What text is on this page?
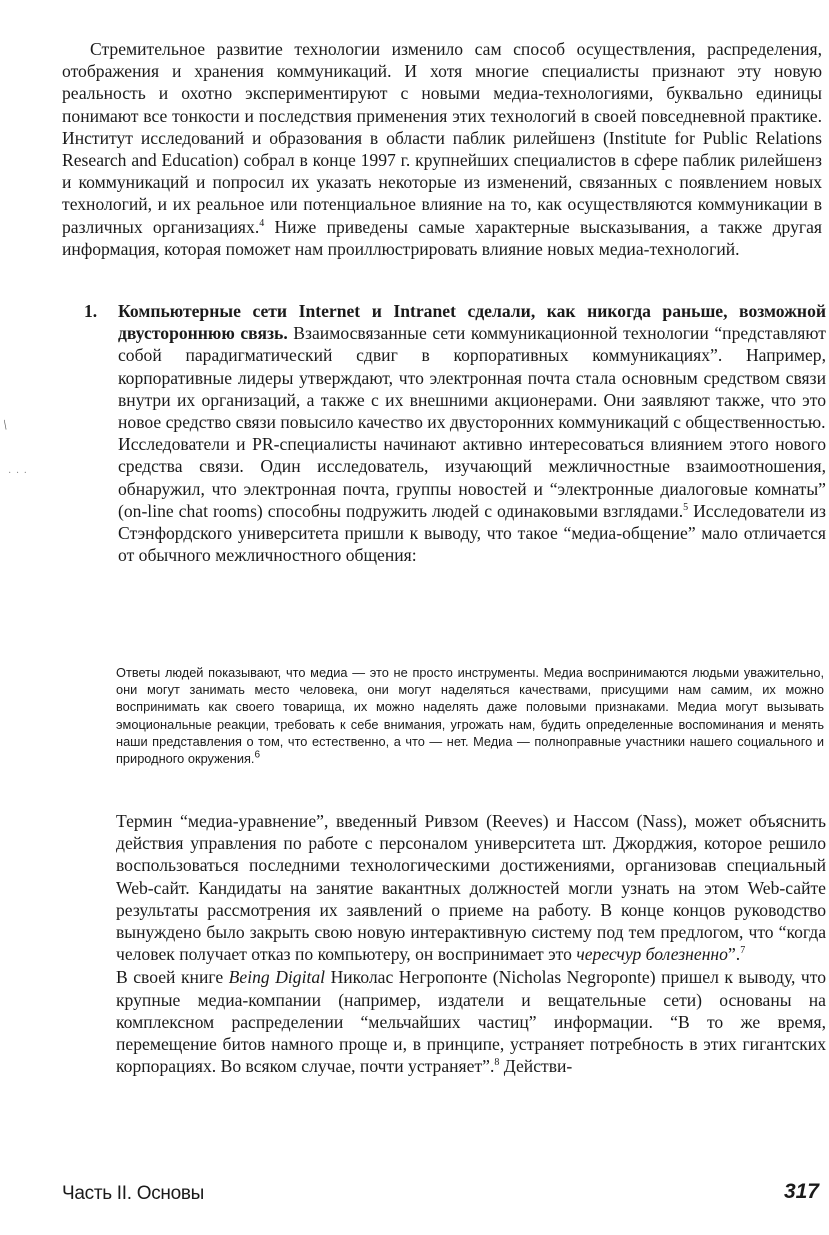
/
· · ·

Стремительное развитие технологии изменило сам способ осуществления, распределения, отображения и хранения коммуникаций. И хотя многие специалисты признают эту новую реальность и охотно экспериментируют с новыми медиа-технологиями, буквально единицы понимают все тонкости и последствия применения этих технологий в своей повседневной практике. Институт исследований и образования в области паблик рилейшенз (Institute for Public Relations Research and Education) собрал в конце 1997 г. крупнейших специалистов в сфере паблик рилейшенз и коммуникаций и попросил их указать некоторые из изменений, связанных с появлением новых технологий, и их реальное или потенциальное влияние на то, как осуществляются коммуникации в различных организациях.$^4$ Ниже приведены самые характерные высказывания, а также другая информация, которая поможет нам проиллюстрировать влияние новых медиа-технологий.

1. Компьютерные сети Internet и Intranet сделали, как никогда раньше, возможной двустороннюю связь. Взаимосвязанные сети коммуникационной технологии “представляют собой парадигматический сдвиг в корпоративных коммуникациях”. Например, корпоративные лидеры утверждают, что электронная почта стала основным средством связи внутри их организаций, а также с их внешними акционерами. Они заявляют также, что это новое средство связи повысило качество их двусторонних коммуникаций с общественностью.

Исследователи и PR-специалисты начинают активно интересоваться влиянием этого нового средства связи. Один исследователь, изучающий межличностные взаимоотношения, обнаружил, что электронная почта, группы новостей и “электронные диалоговые комнаты” (on-line chat rooms) способны подружить людей с одинаковыми взглядами.$^5$ Исследователи из Стэнфордского университета пришли к выводу, что такое “медиа-общение” мало отличается от обычного межличностного общения:

Ответы людей показывают, что медиа — это не просто инструменты. Медиа воспринимаются людьми уважительно, они могут занимать место человека, они могут наделяться качествами, присущими нам самим, их можно воспринимать как своего товарища, их можно наделять даже половыми признаками. Медиа могут вызывать эмоциональные реакции, требовать к себе внимания, угрожать нам, будить определенные воспоминания и менять наши представления о том, что естественно, а что — нет. Медиа — полноправные участники нашего социального и природного окружения.$^6$

Термин “медиа-уравнение”, введенный Ривзом (Reeves) и Нассом (Nass), может объяснить действия управления по работе с персоналом университета шт. Джорджия, которое решило воспользоваться последними технологическими достижениями, организовав специальный Web-сайт. Кандидаты на занятие вакантных должностей могли узнать на этом Web-сайте результаты рассмотрения их заявлений о приеме на работу. В конце концов руководство вынуждено было закрыть свою новую интерактивную систему под тем предлогом, что “когда человек получает отказ по компьютеру, он воспринимает это чересчур болезненно”.$^7$

В своей книге Being Digital Николас Негропонте (Nicholas Negroponte) пришел к выводу, что крупные медиа-компании (например, издатели и вещательные сети) основаны на комплексном распределении “мельчайших частиц” информации. “В то же время, перемещение битов намного проще и, в принципе, устраняет потребность в этих гигантских корпорациях. Во всяком случае, почти устраняет”.$^8$ Действи-

Часть II. Основы	317
